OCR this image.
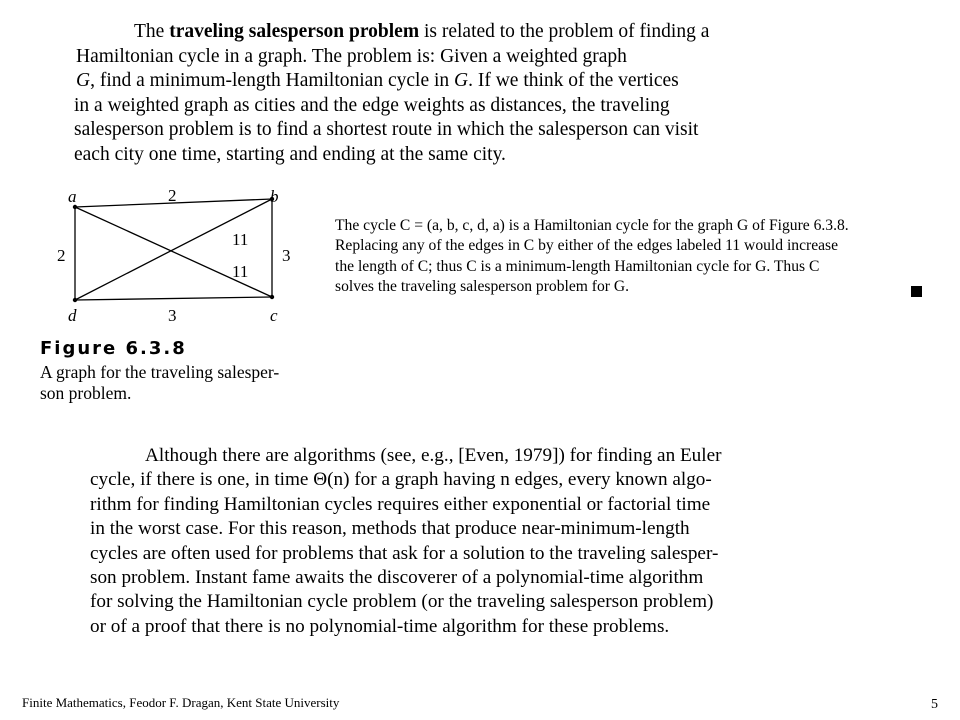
The traveling salesperson problem is related to the problem of finding a
Hamiltonian cycle in a graph. The problem is: Given a weighted graph
G, find a minimum-length Hamiltonian cycle in G. If we think of the vertices
in a weighted graph as cities and the edge weights as distances, the traveling
salesperson problem is to find a shortest route in which the salesperson can visit
each city one time, starting and ending at the same city.

a	b
c
d
2
3
3
2
11
11
Figure 6.3.8
A graph for the traveling salesper-
son problem.
The cycle C = (a, b, c, d, a) is a Hamiltonian cycle for the graph G of Figure 6.3.8.
Replacing any of the edges in C by either of the edges labeled 11 would increase
the length of C; thus C is a minimum-length Hamiltonian cycle for G. Thus C
solves the traveling salesperson problem for G.

Although there are algorithms (see, e.g., [Even, 1979]) for finding an Euler
cycle, if there is one, in time Θ(n) for a graph having n edges, every known algo-
rithm for finding Hamiltonian cycles requires either exponential or factorial time
in the worst case. For this reason, methods that produce near-minimum-length
cycles are often used for problems that ask for a solution to the traveling salesper-
son problem. Instant fame awaits the discoverer of a polynomial-time algorithm
for solving the Hamiltonian cycle problem (or the traveling salesperson problem)
or of a proof that there is no polynomial-time algorithm for these problems.

Finite Mathematics, Feodor F. Dragan, Kent State University	5
